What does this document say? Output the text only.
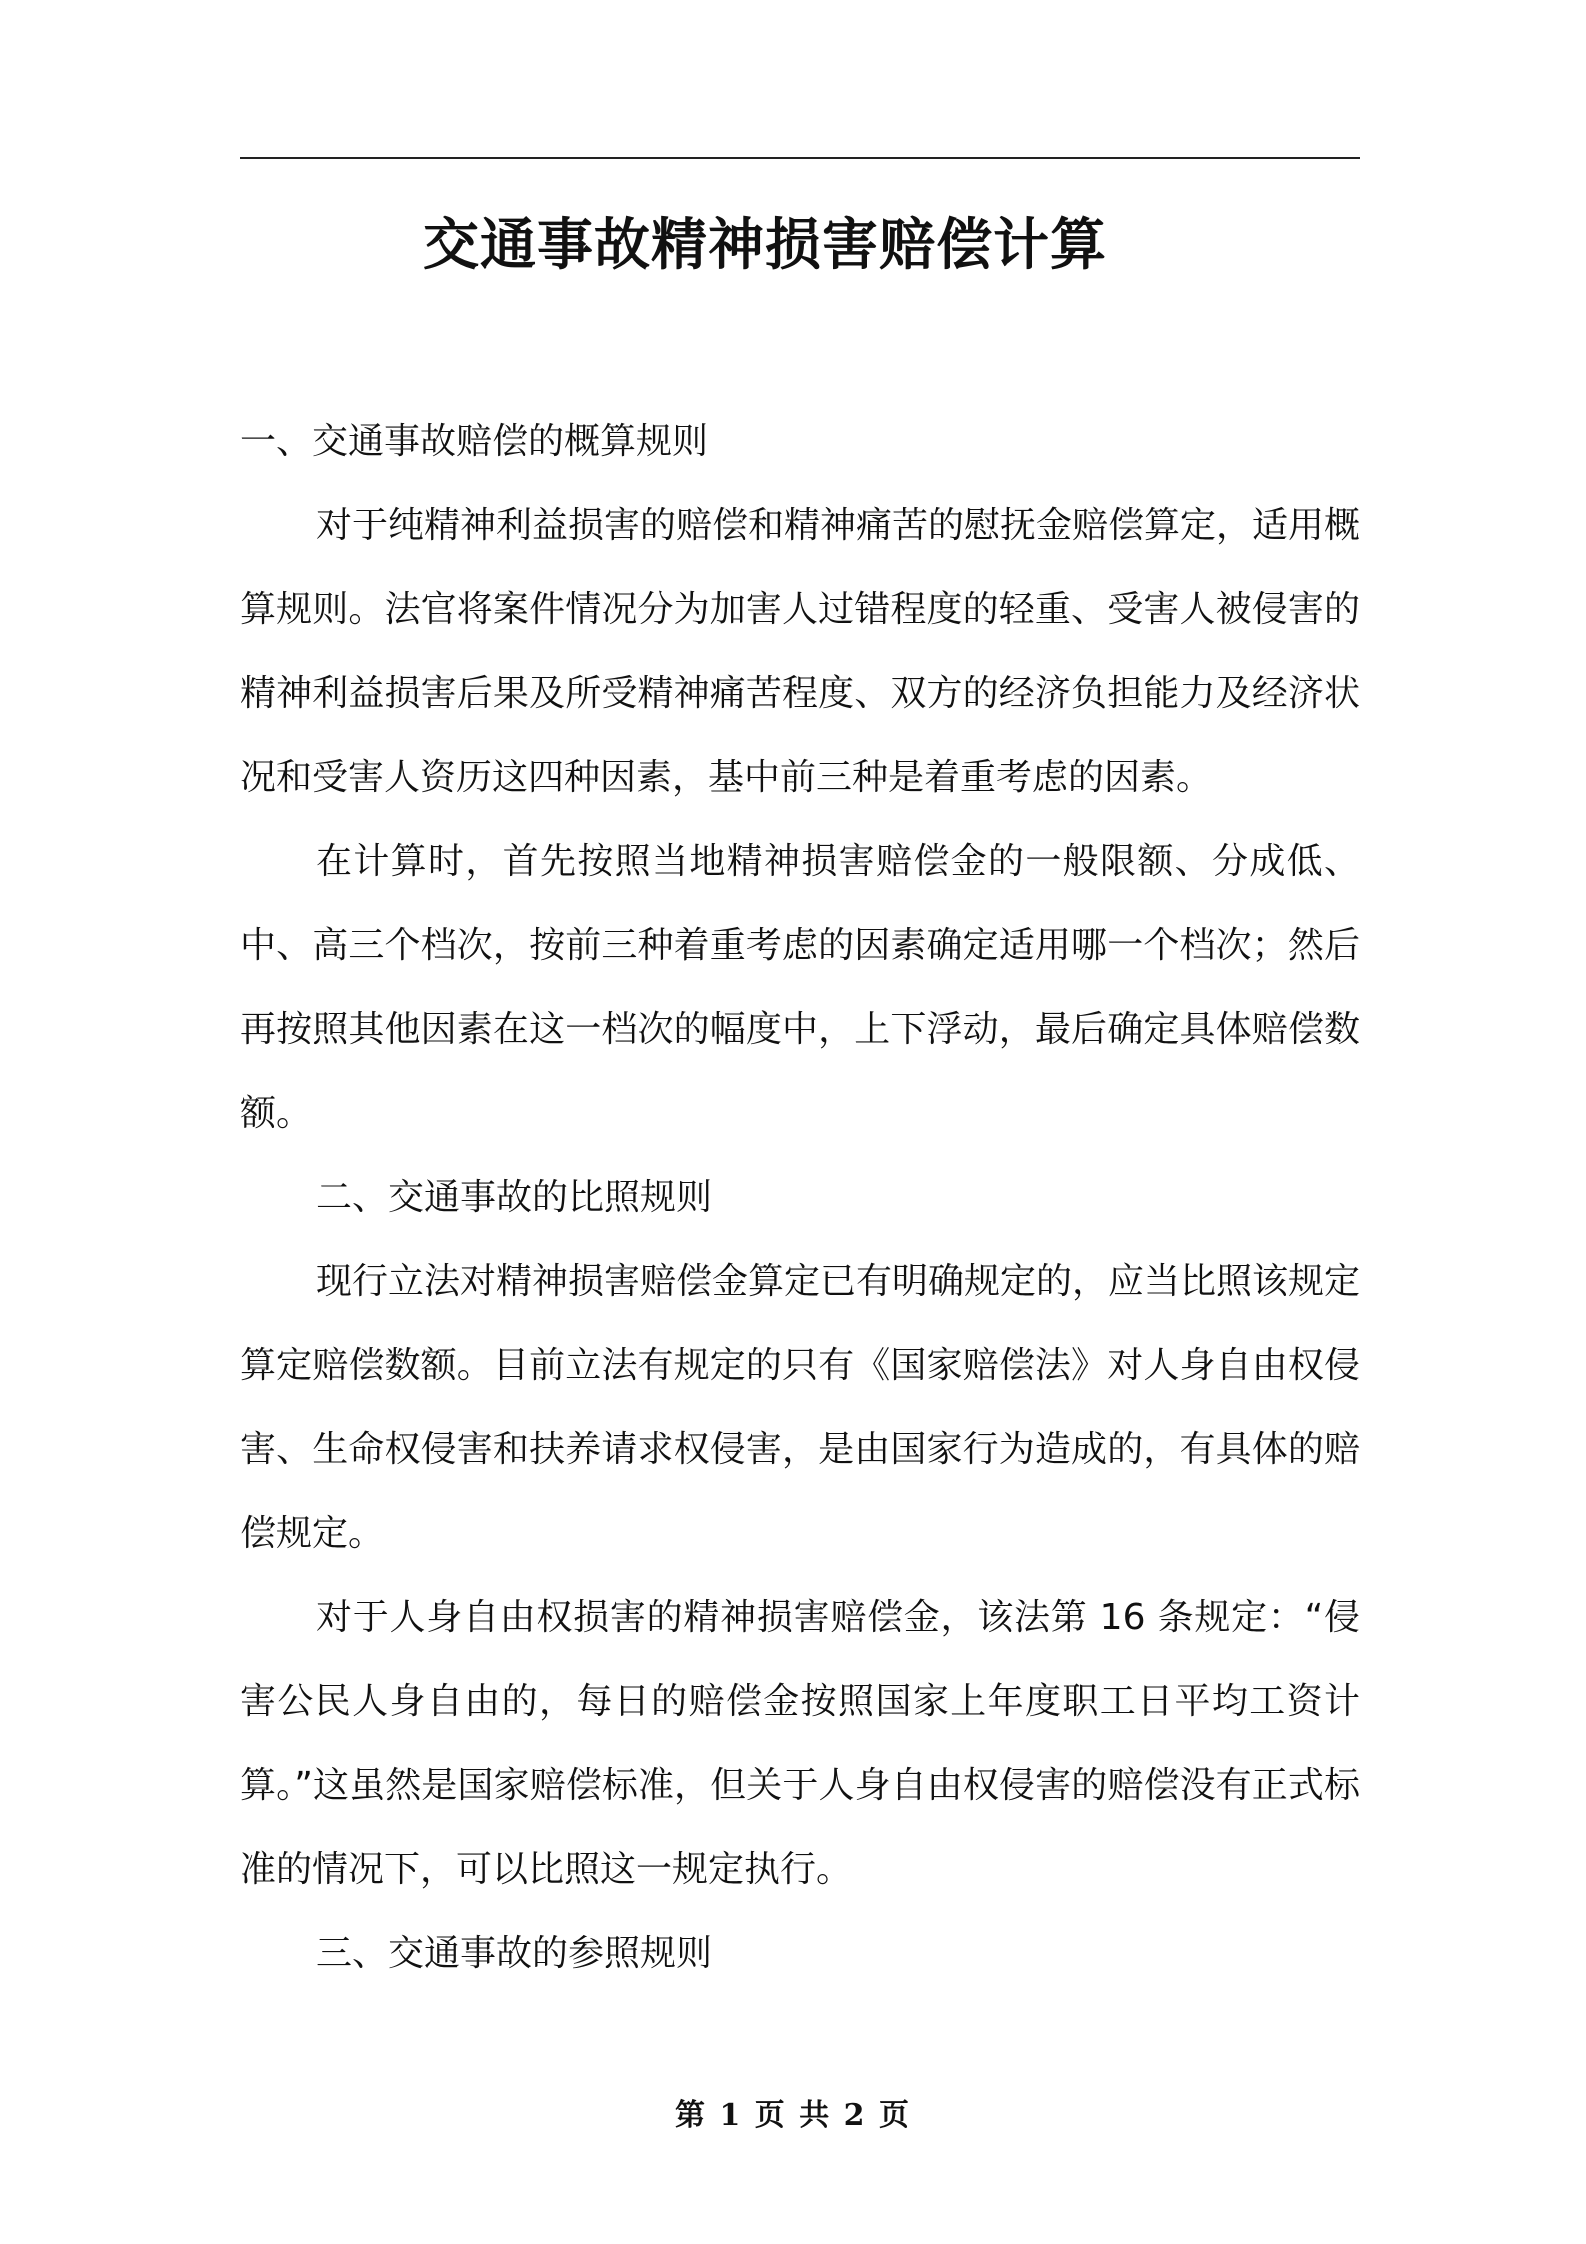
交通事故精神损害赔偿计算
一、交通事故赔偿的概算规则

对于纯精神利益损害的赔偿和精神痛苦的慰抚金赔偿算定，适用概算规则。法官将案件情况分为加害人过错程度的轻重、受害人被侵害的精神利益损害后果及所受精神痛苦程度、双方的经济负担能力及经济状况和受害人资历这四种因素，基中前三种是着重考虑的因素。

在计算时，首先按照当地精神损害赔偿金的一般限额、分成低、中、高三个档次，按前三种着重考虑的因素确定适用哪一个档次；然后再按照其他因素在这一档次的幅度中，上下浮动，最后确定具体赔偿数额。

二、交通事故的比照规则

现行立法对精神损害赔偿金算定已有明确规定的，应当比照该规定算定赔偿数额。目前立法有规定的只有《国家赔偿法》对人身自由权侵害、生命权侵害和扶养请求权侵害，是由国家行为造成的，有具体的赔偿规定。

对于人身自由权损害的精神损害赔偿金，该法第 16 条规定：“侵害公民人身自由的，每日的赔偿金按照国家上年度职工日平均工资计算。”这虽然是国家赔偿标准，但关于人身自由权侵害的赔偿没有正式标准的情况下，可以比照这一规定执行。

三、交通事故的参照规则
第 1 页 共 2 页
